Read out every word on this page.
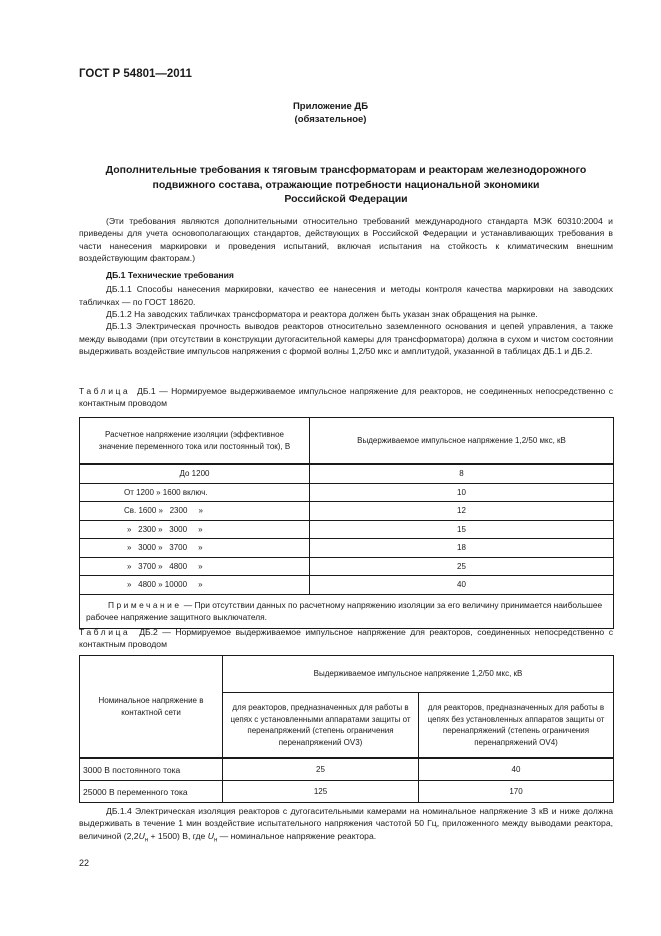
ГОСТ Р 54801—2011
Приложение ДБ
(обязательное)
Дополнительные требования к тяговым трансформаторам и реакторам железнодорожного
подвижного состава, отражающие потребности национальной экономики
Российской Федерации

(Эти требования являются дополнительными относительно требований международного стандарта МЭК 60310:2004 и приведены для учета основополагающих стандартов, действующих в Российской Федерации и устанавливающих требования в части нанесения маркировки и проведения испытаний, включая испытания на стойкость к климатическим внешним воздействующим факторам.)

ДБ.1 Технические требования

ДБ.1.1 Способы нанесения маркировки, качество ее нанесения и методы контроля качества маркировки на заводских табличках — по ГОСТ 18620.

ДБ.1.2 На заводских табличках трансформатора и реактора должен быть указан знак обращения на рынке.

ДБ.1.3 Электрическая прочность выводов реакторов относительно заземленного основания и цепей управления, а также между выводами (при отсутствии в конструкции дугогасительной камеры для трансформатора) должна в сухом и чистом состоянии выдерживать воздействие импульсов напряжения с формой волны 1,2/50 мкс и амплитудой, указанной в таблицах ДБ.1 и ДБ.2.

Таблица ДБ.1 — Нормируемое выдерживаемое импульсное напряжение для реакторов, не соединенных непосредственно с контактным проводом
Расчетное напряжение изоляции (эффективное значение переменного тока или постоянный ток), В	Выдерживаемое импульсное напряжение 1,2/50 мкс, кВ
До 1200	8
От 1200 » 1600 включ.	10
Св. 1600 »   2300     »	12
»   2300 »   3000     »	15
»   3000 »   3700     »	18
»   3700 »   4800     »	25
»   4800 » 10000     »	40
Примечание — При отсутствии данных по расчетному напряжению изоляции за его величину принимается наибольшее рабочее напряжение защитного выключателя.	
Таблица ДБ.2 — Нормируемое выдерживаемое импульсное напряжение для реакторов, соединенных непосредственно с контактным проводом
Номинальное напряжение в контактной сети	Выдерживаемое импульсное напряжение 1,2/50 мкс, кВ	
	для реакторов, предназначенных для работы в цепях с установленными аппаратами защиты от перенапряжений (степень ограничения перенапряжений OV3)	для реакторов, предназначенных для работы в цепях без установленных аппаратов защиты от перенапряжений (степень ограничения перенапряжений OV4)
3000 В постоянного тока	25	40
25000 В переменного тока	125	170

ДБ.1.4 Электрическая изоляция реакторов с дугогасительными камерами на номинальное напряжение 3 кВ и ниже должна выдерживать в течение 1 мин воздействие испытательного напряжения частотой 50 Гц, приложенного между выводами реактора, величиной $(2,2U_н + 1500)$ В, где $U_н$ — номинальное напряжение реактора.

22
